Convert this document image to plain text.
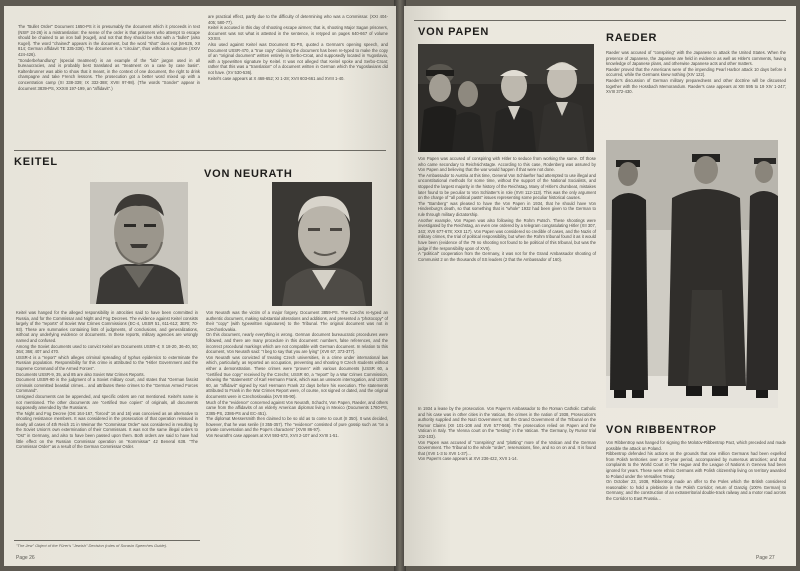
The "Bullet Order" Document 1650-PS it is presumably the document which it proceeds in text (NSIF 24-26) is a mistranslation: the sense of the order is that prisoners who attempt to escape should be chained to an iron ball (Kugel), and not that they should be shot with a "bullet" (also Kugel). The word "chained" appears in the document, but the word "shot" does not (M-526, XII 814; German affidavit TE 335-336). The document is a "circular", thus without a signature (XXIV 424-426).
"Sonderbehandlung" (special treatment) is an example of the "lab" jargon used in all bureaucracies, and is probably best translated as "treatment on a case by case basis". Kaltenbrunner was able to show that it meant, in the context of one document, the right to drink champagne and take French lessons. The prosecution got a better word mixed up with a concentration camp (XI 338-339; IX 332-388; XVIII 97-98). (The words "Sonder" appear in document 3839-PS, XXXIII 197-199, an "affidavit".)
are practical effect, partly due to the difficulty of determining who was a Commissar. (XXI 404-405; 580-77).
Keitel is accused in this day of shooting escape airmen; that is, shooting Major Sagan prisoners, document was not what is attested in the sentence, is retyped on pages 640-667 of volume XXXIII.
Also used against Keitel was Document 81-PS, quoted a German's opening speech, and Document USSR-470, a "true copy" claiming the document has been re-typed to make the copy of an "original document" written entirely in Serbo-Croat, and supposedly located in Yugoslavia, with a typewritten signature by Keitel. It was not alleged that Keitel spoke and Serbo-Croat; rather that this was a "translation" of a document written in German which the Yugoslavians did not have. (XV 530-536).
Keitel's case appears at X 468-652; XI 1-28; XVII 603-661 and XVIII 1-40.
KEITEL
VON NEURATH
Keitel was hanged for the alleged responsibility in atrocities said to have been committed in Russia, and for the Commissar and Night and Fog Decrees. The evidence against Keitel consists largely of the "reports" of Soviet War Crimes Commissions (EC-4, USSR 51, 611-612; 3ERI; 70-93). These are summaries containing lists of judgments, of conclusions, and generalizations, without any underlying evidence or documents. In these reports, military agencies are wrongly named and confused.
Among the Soviet documents used to convict Keitel are Documents USSR-4; X 18-20, 36-40, 50; 364; 366; 407 and 470.
USSR-4 is a "report" which alleges criminal spreading of typhus epidemics to exterminate the Russian population. Responsibility for this crime is attributed to the "Hitler Government and the Supreme Command of the Armed Forces".
Documents USSR-9, 35, and 85 are also Soviet War Crimes Reports.
Document USSR-90 is the judgment of a Soviet military court, and states that "German fascist criminals committed beastial crimes... and attributes these crimes to the "German Armed Forces Command".
Unsigned documents can be appended, and specific orders are not mentioned. Keitel's name is not mentioned. The other documents are "certified true copies" of originals, all documents supposedly amended by the Russians.
The Night and Fog Decree (Ost 164-167, "forced" 16 and 16) was conceived as an alternative to shooting resistance members. It was considered in the prosecution of that operation reissued in nearly all cases of 4th Reich 21 in Weimar the "Commissar Order" was considered in resulting by the Soviet Union's own extermination of their Commissars. It was not the same illegal orders to "Ost" in Germany, and also to have been passed upon them. Both orders are said to have had little effect on the Russian Commissar operation on "Kommissar" 42 Beneral 638. "The Commissar Order" as a result of the German Commissar Order.
Von Neurath was the victim of a major forgery. Document 3859-PS. The Czechs re-typed an authentic document, making substantial alterations and additions, and presented a "photocopy" of their "copy" (with typewritten signatures) to the Tribunal. The original document was not in Czechoslovakia.
On this document, nearly everything is wrong. German document bureaucratic procedures were followed, and there are many procedure in this document: numbers, false references, and the incorrect procedural markings which are not compatible with German document. In relation to this document, Von Neurath said: "I beg to say that you are lying" (XVII 67; 373-377).
Von Neurath was convicted of treating Czech universities, in a crime under international law which, particularly, as reported an occupation, preventing and shooting 9 Czech students without either a demonstration. These crimes were "proven" with various documents (USSR 60, a "certified true copy" received by the Czechs; USSR 60, a "report" by a War Crimes Commission, showing the "statements" of Karl Hermann Frank, which was an unsworn interrogation, and USSR 60, an "affidavit" signed by Karl Hermann Frank 22 days before his execution. The statements attributed to Frank in the War Crimes Report were, of course, not signed or dated, and the original documents were in Czechoslovakia (XVII 85-90).
Much of the "evidence" concerned against Von Neurath, Schacht, Von Papen, Raeder, and others came from the affidavits of an elderly American diplomat living in Mexico (Documents 1760-PS, 2385-PS, 2386-PS and EC-451).
The diplomat Messersmith then claimed to be so old as to come to court (II 350). It was decided, however, that he was senile (II 355-357). The "evidence" consisted of pure gossip such as "on a private conversation and the Pope's characters" (XVIII 86-97).
Von Neurath's case appears at XVI 593-673, XVII 2-107 and XVIII 1-51.
"The Jew" Object of the Fürer's "Jewish" Decision (rules of Sorasin Speeches Guide).
Page 26
VON PAPEN	RAEDER
Raeder was accused of "conspiring" with the Japanese to attack the United States. When the presence of Japanese, the Japanese are held in evidence as well as Hitler's comments, having knowledge of Japanese plans, and otherwise Japanese acts and other matters.
Raeder proved that the Americans were of the impending Pearl Harbor attack 10 days before it occurred, while the Germans knew nothing (XIV 122).
Raeder's discussion of German military preparedness and other doctrine will be discussed together with the Hossbach Memorandum. Raeder's case appears at XIII 595 to 19 XIV 1-247; XVIII 372-430.
Von Papen was accused of conspiring with Hitler to seduce from working the same. Of those who came secondary to Reichsichstagte. According to this case, Rodenberg was assured by Von Papen and believing that the war would happen if that were not done.
The Ambassador to Austria at this time, General Von Schlaefter had attempted to use illegal and unconstitutional methods for some time, without the support of the National Socialists, and stopped the largest majority in the history of the Reichstag. Many of Hitler's drumbeat, mistakes later found to be peculiar to Von Schlatter's in role (XVII 112-113). This was the only argument on the charge of "all political pasts" issues representing some peculiar historical causes.
The "Bamberg" was pleased to have the Von Papen in 1934, that he should have Von Hindenburg's death, so that something that is "whole" 1932 had been given to the German to rule through military dictatorship.
Another example, Von Papen was also following the Rohm Putsch. These shootings were investigated by the Reichstag, an even one ordered by a telegram congratulating Hitler (XII 307, 343; XVII 677-678; XXII 117). Von Papen was considered so credible of cases, and the Nazis of military crimes, the trial of political responsibility, but when the Rohm tribunal found it as it would have been (evidence of the 79 no shooting not found to be political of this tribunal, but was the judge if the responsibility upon of XVII).
A "political" cooperation from the Germany, it was not for the Grand Ambassador shooting of Communist 2 on the thousands of SS leaders (2 that the Ambassador of 160).
In 1934 a lease by the prosecution. Von Papen's Ambassador to the Roman Catholic Catholic and his case was in other cities in the Vatican, the crimes in the nation of 1938, Prosecution's authority supplied and the Nazi Government; not the Grand Government of the Tribunal on the Rumor Claims (XII 101-108 and XVII 577-566). The prosecution relied on Papen and the Vatican in Italy. The Vienna court on the "testing" in the Vatican. The Germany, by Rumor trial 102-103).
Von Papen was accused of "conspiring" and "plotting" more of the Vatican and the German Government. The Tribunal to the whole "order", reservations, fine, and so on on and. It is found that (XVII 1-3 to XVII 1-37)...
Von Papen's case appears at XVI 236-422, XVII 1-14.
VON RIBBENTROP
Von Ribbentrop was hanged for signing the Molotov-Ribbentrop Pact, which preceded and made possible the attack on Poland.
Ribbentrop defended his actions on the grounds that one million Germans had been expelled from Polish territories over a 20-year period, accompanied by numerous atrocities; and that complaints to the World Court in The Hague and the League of Nations in Geneva had been ignored for years. These were ethnic Germans with Polish citizenship living on territory awarded to Poland under the Versailles Treaty.
On October 23, 1938, Ribbentrop made an offer to the Poles which the British considered reasonable: to hold a plebiscite in the Polish Corridor; return of Danzig (100% German) to Germany; and the construction of an extraterritorial double-track railway and a motor road across the Corridor to East Prussia...
Page 27
